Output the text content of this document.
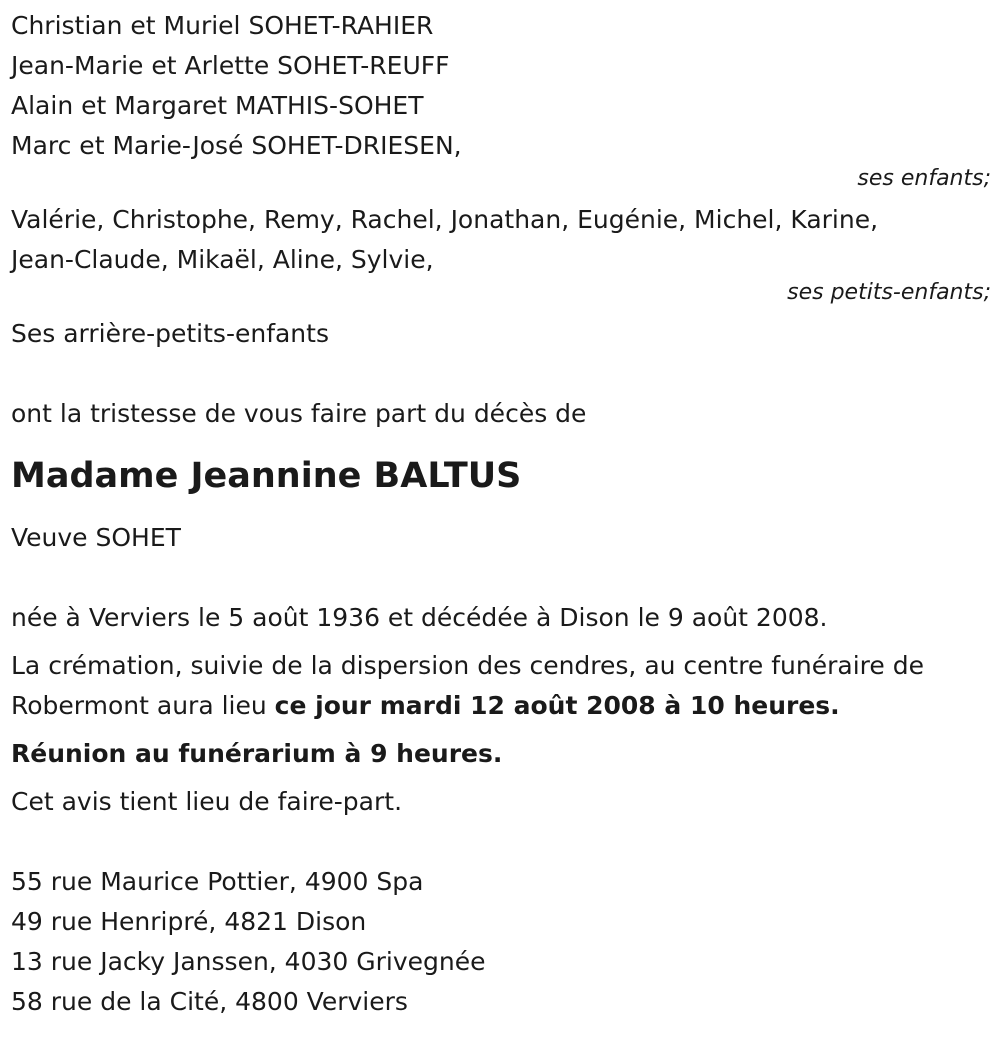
Christian et Muriel SOHET-RAHIER
Jean-Marie et Arlette SOHET-REUFF
Alain et Margaret MATHIS-SOHET
Marc et Marie-José SOHET-DRIESEN,
ses enfants;
Valérie, Christophe, Remy, Rachel, Jonathan, Eugénie, Michel, Karine,
Jean-Claude, Mikaël, Aline, Sylvie,
ses petits-enfants;
Ses arrière-petits-enfants
ont la tristesse de vous faire part du décès de
Madame Jeannine BALTUS
Veuve SOHET
née à Verviers le 5 août 1936 et décédée à Dison le 9 août 2008.
La crémation, suivie de la dispersion des cendres, au centre funéraire de Robermont aura lieu ce jour mardi 12 août 2008 à 10 heures.
Réunion au funérarium à 9 heures.
Cet avis tient lieu de faire-part.
55 rue Maurice Pottier, 4900 Spa
49 rue Henripré, 4821 Dison
13 rue Jacky Janssen, 4030 Grivegnée
58 rue de la Cité, 4800 Verviers
